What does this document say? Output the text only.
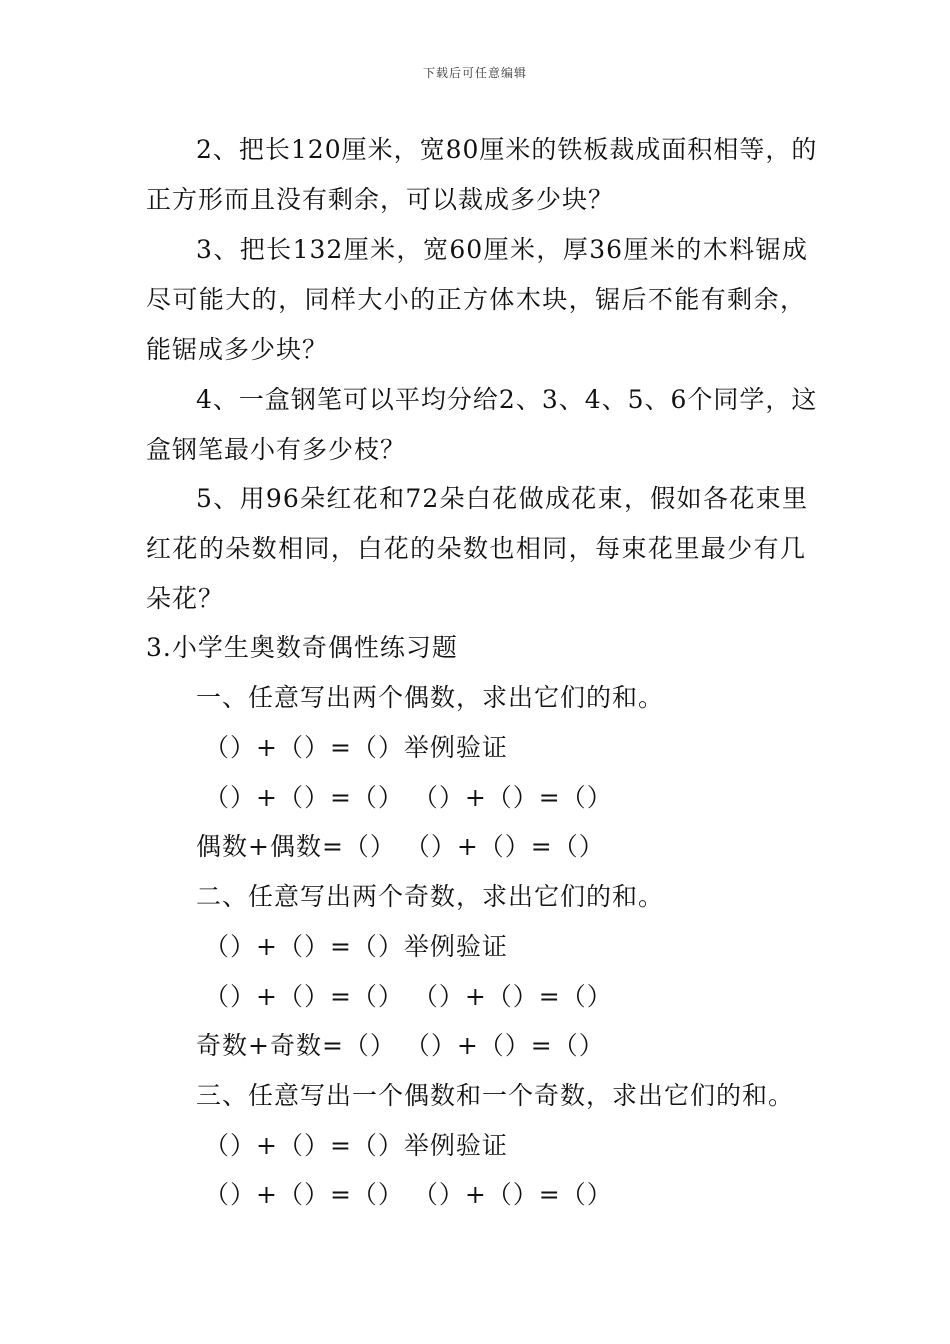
下载后可任意编辑
2、把长120厘米，宽80厘米的铁板裁成面积相等，的
正方形而且没有剩余，可以裁成多少块？
3、把长132厘米，宽60厘米，厚36厘米的木料锯成
尽可能大的，同样大小的正方体木块，锯后不能有剩余，
能锯成多少块？
4、一盒钢笔可以平均分给2、3、4、5、6个同学，这
盒钢笔最小有多少枝？
5、用96朵红花和72朵白花做成花束，假如各花束里
红花的朵数相同，白花的朵数也相同，每束花里最少有几
朵花？
3.小学生奥数奇偶性练习题
一、任意写出两个偶数，求出它们的和。
（）+（）=（）举例验证
（）+（）=（） （）+（）=（）
偶数+偶数=（） （）+（）=（）
二、任意写出两个奇数，求出它们的和。
（）+（）=（）举例验证
（）+（）=（） （）+（）=（）
奇数+奇数=（） （）+（）=（）
三、任意写出一个偶数和一个奇数，求出它们的和。
（）+（）=（）举例验证
（）+（）=（） （）+（）=（）
